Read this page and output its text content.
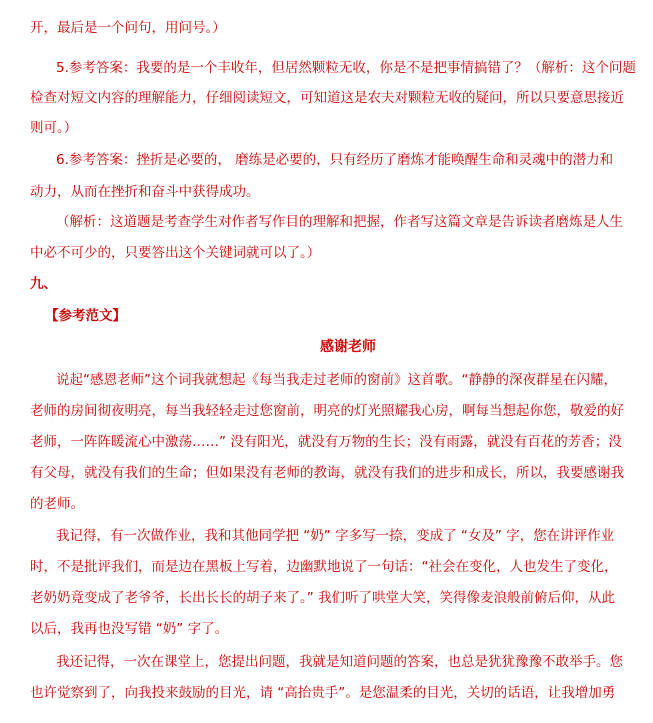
开，最后是一个问句，用问号。）
5.参考答案：我要的是一个丰收年，但居然颗粒无收，你是不是把事情搞错了？（解析：这个问题
检查对短文内容的理解能力，仔细阅读短文，可知道这是农夫对颗粒无收的疑问，所以只要意思接近
则可。）
6.参考答案：挫折是必要的， 磨练是必要的，只有经历了磨炼才能唤醒生命和灵魂中的潜力和
动力，从而在挫折和奋斗中获得成功。
（解析：这道题是考查学生对作者写作目的理解和把握，作者写这篇文章是告诉读者磨炼是人生
中必不可少的，只要答出这个关键词就可以了。）
九、
【参考范文】
感谢老师
说起“感恩老师”这个词我就想起《每当我走过老师的窗前》这首歌。“静静的深夜群星在闪耀，
老师的房间彻夜明亮，每当我轻轻走过您窗前，明亮的灯光照耀我心房，啊每当想起你您，敬爱的好
老师，一阵阵暖流心中激荡……” 没有阳光，就没有万物的生长；没有雨露，就没有百花的芳香；没
有父母，就没有我们的生命；但如果没有老师的教诲，就没有我们的进步和成长，所以，我要感谢我
的老师。
我记得，有一次做作业，我和其他同学把 “奶” 字多写一捺，变成了 “女及” 字，您在讲评作业
时，不是批评我们，而是边在黑板上写着，边幽默地说了一句话：“社会在变化，人也发生了变化，
老奶奶竟变成了老爷爷，长出长长的胡子来了。” 我们听了哄堂大笑，笑得像麦浪般前俯后仰，从此
以后，我再也没写错 “奶” 字了。
我还记得，一次在课堂上，您提出问题，我就是知道问题的答案，也总是犹犹豫豫不敢举手。您
也许觉察到了，向我投来鼓励的目光，请 “高抬贵手”。是您温柔的目光，关切的话语，让我增加勇
